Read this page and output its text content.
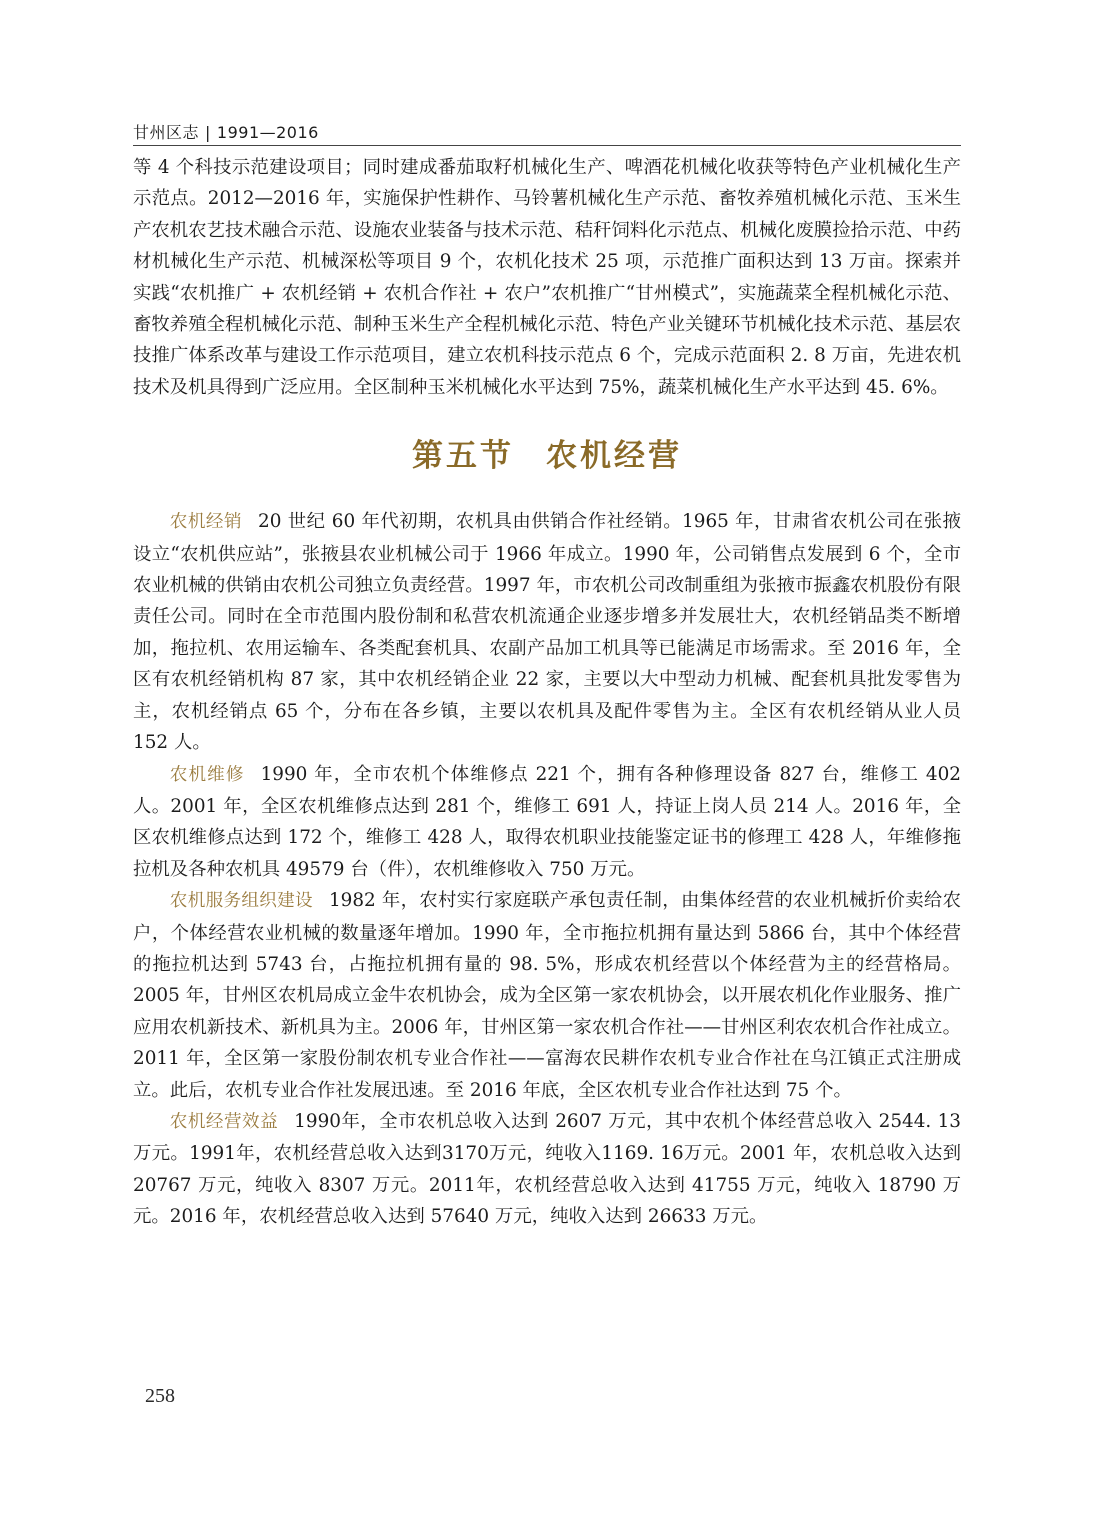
甘州区志 | 1991—2016

等 4 个科技示范建设项目；同时建成番茄取籽机械化生产、啤酒花机械化收获等特色产业机械化生产示范点。2012—2016 年，实施保护性耕作、马铃薯机械化生产示范、畜牧养殖机械化示范、玉米生产农机农艺技术融合示范、设施农业装备与技术示范、秸秆饲料化示范点、机械化废膜捡拾示范、中药材机械化生产示范、机械深松等项目 9 个，农机化技术 25 项，示范推广面积达到 13 万亩。探索并实践“农机推广 + 农机经销 + 农机合作社 + 农户”农机推广“甘州模式”，实施蔬菜全程机械化示范、畜牧养殖全程机械化示范、制种玉米生产全程机械化示范、特色产业关键环节机械化技术示范、基层农技推广体系改革与建设工作示范项目，建立农机科技示范点 6 个，完成示范面积 2. 8 万亩，先进农机技术及机具得到广泛应用。全区制种玉米机械化水平达到 75%，蔬菜机械化生产水平达到 45. 6%。

第五节 农机经营

农机经销 20 世纪 60 年代初期，农机具由供销合作社经销。1965 年，甘肃省农机公司在张掖设立“农机供应站”，张掖县农业机械公司于 1966 年成立。1990 年，公司销售点发展到 6 个，全市农业机械的供销由农机公司独立负责经营。1997 年，市农机公司改制重组为张掖市振鑫农机股份有限责任公司。同时在全市范围内股份制和私营农机流通企业逐步增多并发展壮大，农机经销品类不断增加，拖拉机、农用运输车、各类配套机具、农副产品加工机具等已能满足市场需求。至 2016 年，全区有农机经销机构 87 家，其中农机经销企业 22 家，主要以大中型动力机械、配套机具批发零售为主，农机经销点 65 个，分布在各乡镇，主要以农机具及配件零售为主。全区有农机经销从业人员 152 人。

农机维修 1990 年，全市农机个体维修点 221 个，拥有各种修理设备 827 台，维修工 402 人。2001 年，全区农机维修点达到 281 个，维修工 691 人，持证上岗人员 214 人。2016 年，全区农机维修点达到 172 个，维修工 428 人，取得农机职业技能鉴定证书的修理工 428 人，年维修拖拉机及各种农机具 49579 台（件），农机维修收入 750 万元。

农机服务组织建设 1982 年，农村实行家庭联产承包责任制，由集体经营的农业机械折价卖给农户，个体经营农业机械的数量逐年增加。1990 年，全市拖拉机拥有量达到 5866 台，其中个体经营的拖拉机达到 5743 台，占拖拉机拥有量的 98. 5%，形成农机经营以个体经营为主的经营格局。2005 年，甘州区农机局成立金牛农机协会，成为全区第一家农机协会，以开展农机化作业服务、推广应用农机新技术、新机具为主。2006 年，甘州区第一家农机合作社——甘州区利农农机合作社成立。2011 年，全区第一家股份制农机专业合作社——富海农民耕作农机专业合作社在乌江镇正式注册成立。此后，农机专业合作社发展迅速。至 2016 年底，全区农机专业合作社达到 75 个。

农机经营效益 1990年，全市农机总收入达到 2607 万元，其中农机个体经营总收入 2544. 13万元。1991年，农机经营总收入达到3170万元，纯收入1169. 16万元。2001 年，农机总收入达到 20767 万元，纯收入 8307 万元。2011年，农机经营总收入达到 41755 万元，纯收入 18790 万元。2016 年，农机经营总收入达到 57640 万元，纯收入达到 26633 万元。

258
